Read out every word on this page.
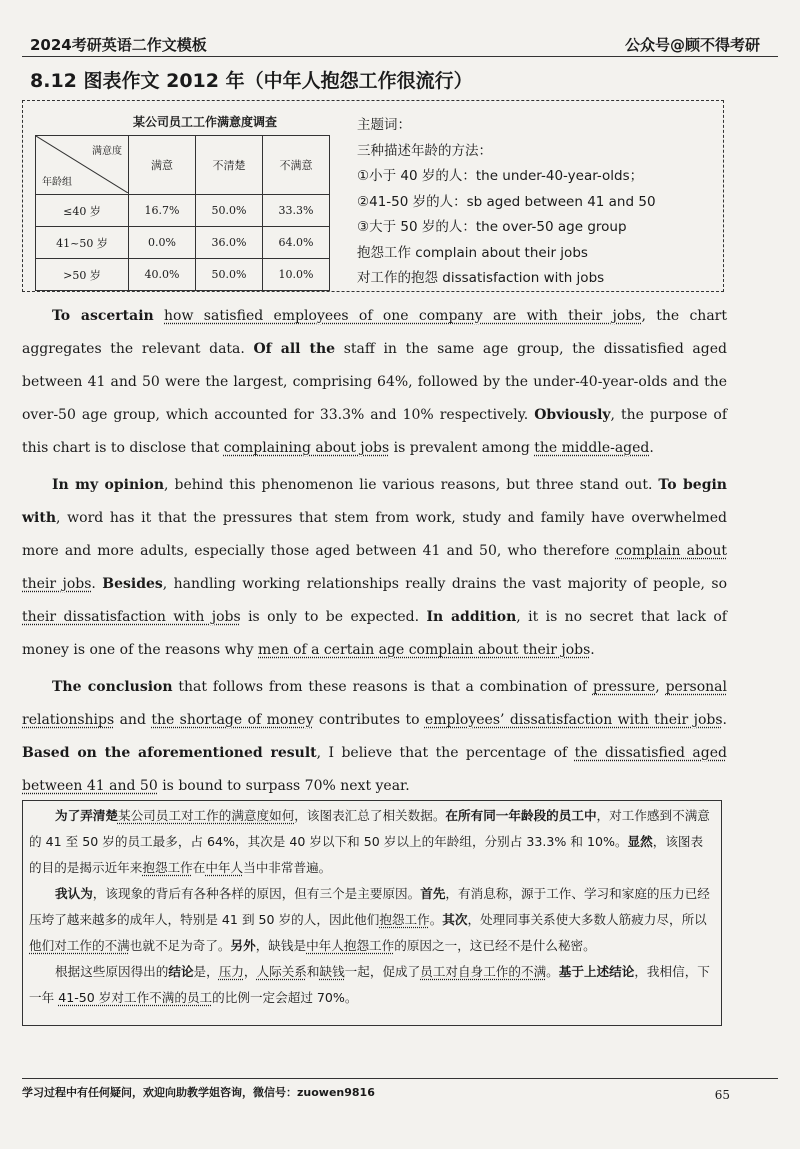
2024考研英语二作文模板	公众号@顾不得考研
8.12 图表作文 2012 年（中年人抱怨工作很流行）
某公司员工工作满意度调查
满意度
年龄组	满意	不清楚	不满意
≤40 岁	16.7%	50.0%	33.3%
41~50 岁	0.0%	36.0%	64.0%
>50 岁	40.0%	50.0%	10.0%
主题词：
三种描述年龄的方法：
①小于 40 岁的人：the under-40-year-olds；
②41-50 岁的人：sb aged between 41 and 50
③大于 50 岁的人：the over-50 age group
抱怨工作 complain about their jobs
对工作的抱怨 dissatisfaction with jobs

To ascertain how satisfied employees of one company are with their jobs, the chart aggregates the relevant data. Of all the staff in the same age group, the dissatisfied aged between 41 and 50 were the largest, comprising 64%, followed by the under-40-year-olds and the over-50 age group, which accounted for 33.3% and 10% respectively. Obviously, the purpose of this chart is to disclose that complaining about jobs is prevalent among the middle-aged.

In my opinion, behind this phenomenon lie various reasons, but three stand out. To begin with, word has it that the pressures that stem from work, study and family have overwhelmed more and more adults, especially those aged between 41 and 50, who therefore complain about their jobs. Besides, handling working relationships really drains the vast majority of people, so their dissatisfaction with jobs is only to be expected. In addition, it is no secret that lack of money is one of the reasons why men of a certain age complain about their jobs.

The conclusion that follows from these reasons is that a combination of pressure, personal relationships and the shortage of money contributes to employees’ dissatisfaction with their jobs. Based on the aforementioned result, I believe that the percentage of the dissatisfied aged between 41 and 50 is bound to surpass 70% next year.

为了弄清楚某公司员工对工作的满意度如何，该图表汇总了相关数据。在所有同一年龄段的员工中，对工作感到不满意的 41 至 50 岁的员工最多，占 64%，其次是 40 岁以下和 50 岁以上的年龄组，分别占 33.3% 和 10%。显然，该图表的目的是揭示近年来抱怨工作在中年人当中非常普遍。

我认为，该现象的背后有各种各样的原因，但有三个是主要原因。首先，有消息称，源于工作、学习和家庭的压力已经压垮了越来越多的成年人，特别是 41 到 50 岁的人，因此他们抱怨工作。其次，处理同事关系使大多数人筋疲力尽，所以他们对工作的不满也就不足为奇了。另外，缺钱是中年人抱怨工作的原因之一，这已经不是什么秘密。

根据这些原因得出的结论是，压力，人际关系和缺钱一起，促成了员工对自身工作的不满。基于上述结论，我相信，下一年 41-50 岁对工作不满的员工的比例一定会超过 70%。

学习过程中有任何疑问，欢迎向助教学姐咨询，微信号：zuowen9816	65
